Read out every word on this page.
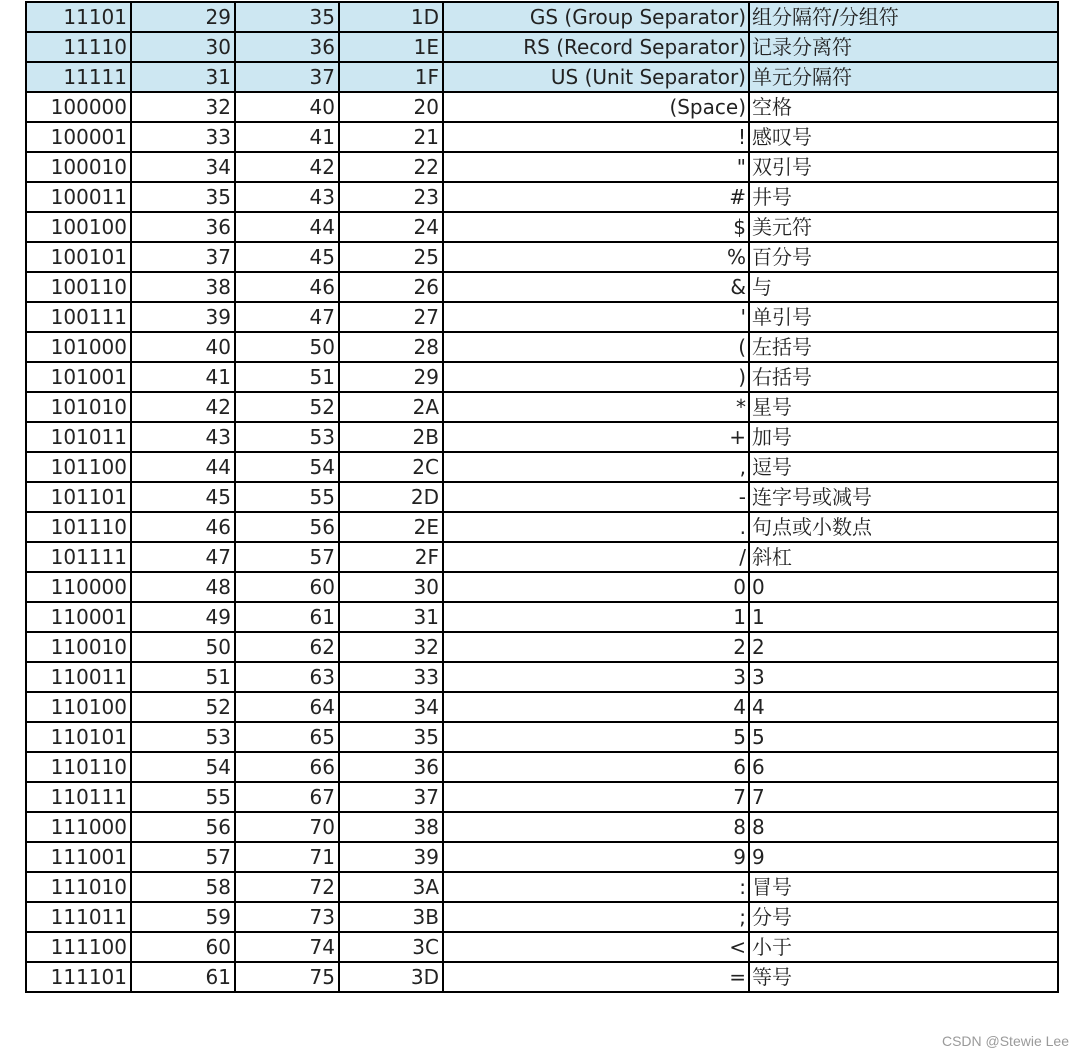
11101	29	35	1D	GS (Group Separator)	组分隔符/分组符
11110	30	36	1E	RS (Record Separator)	记录分离符
11111	31	37	1F	US (Unit Separator)	单元分隔符
100000	32	40	20	(Space)	空格
100001	33	41	21	!	感叹号
100010	34	42	22	"	双引号
100011	35	43	23	#	井号
100100	36	44	24	$	美元符
100101	37	45	25	%	百分号
100110	38	46	26	&	与
100111	39	47	27	'	单引号
101000	40	50	28	(	左括号
101001	41	51	29	)	右括号
101010	42	52	2A	*	星号
101011	43	53	2B	+	加号
101100	44	54	2C	,	逗号
101101	45	55	2D	-	连字号或减号
101110	46	56	2E	.	句点或小数点
101111	47	57	2F	/	斜杠
110000	48	60	30	0	0
110001	49	61	31	1	1
110010	50	62	32	2	2
110011	51	63	33	3	3
110100	52	64	34	4	4
110101	53	65	35	5	5
110110	54	66	36	6	6
110111	55	67	37	7	7
111000	56	70	38	8	8
111001	57	71	39	9	9
111010	58	72	3A	:	冒号
111011	59	73	3B	;	分号
111100	60	74	3C	<	小于
111101	61	75	3D	=	等号
CSDN @Stewie Lee
